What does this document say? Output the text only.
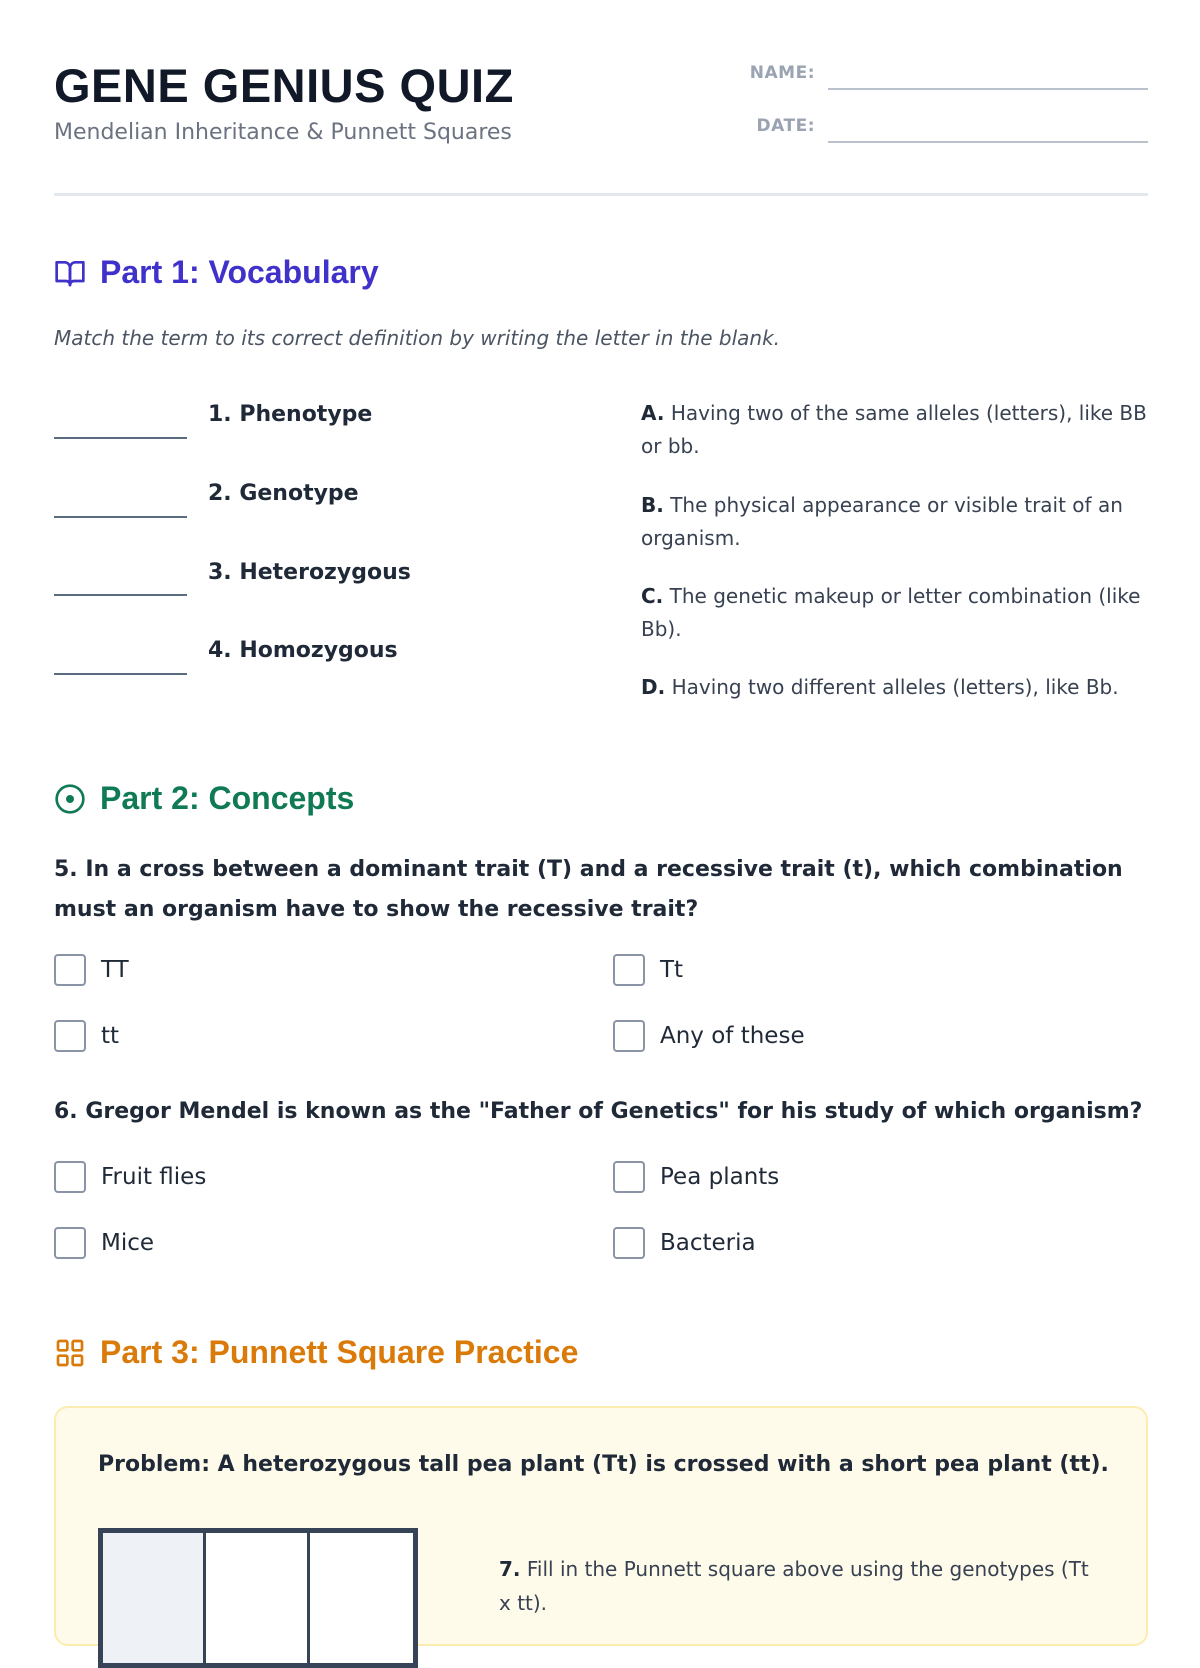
GENE GENIUS QUIZ
Mendelian Inheritance & Punnett Squares
NAME:
DATE:
Part 1: Vocabulary
Match the term to its correct definition by writing the letter in the blank.
1. Phenotype
2. Genotype
3. Heterozygous
4. Homozygous
A. Having two of the same alleles (letters), like BB or bb.
B. The physical appearance or visible trait of an organism.
C. The genetic makeup or letter combination (like Bb).
D. Having two different alleles (letters), like Bb.
Part 2: Concepts
5. In a cross between a dominant trait (T) and a recessive trait (t), which combination must an organism have to show the recessive trait?
TT	Tt
tt	Any of these
6. Gregor Mendel is known as the "Father of Genetics" for his study of which organism?
Fruit flies	Pea plants
Mice	Bacteria
Part 3: Punnett Square Practice
Problem: A heterozygous tall pea plant (Tt) is crossed with a short pea plant (tt).
7. Fill in the Punnett square above using the genotypes (Tt x tt).
